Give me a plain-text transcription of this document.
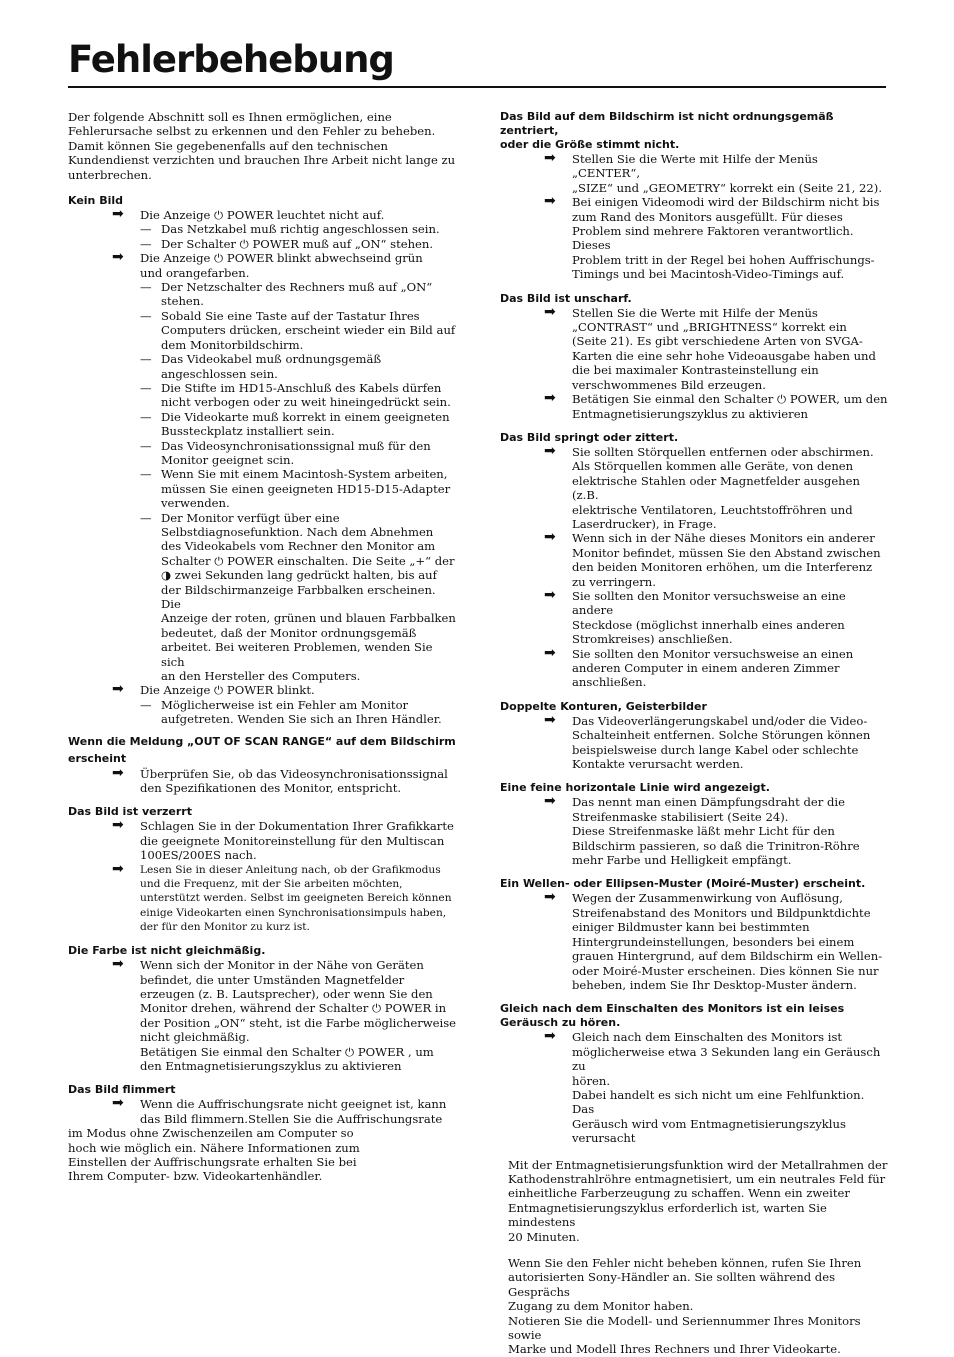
Fehlerbehebung

Der folgende Abschnitt soll es Ihnen ermöglichen, eine
Fehlerursache selbst zu erkennen und den Fehler zu beheben.
Damit können Sie gegebenenfalls auf den technischen
Kundendienst verzichten und brauchen Ihre Arbeit nicht lange zu
unterbrechen.

Kein Bild

➡ Die Anzeige ⏻ POWER leuchtet nicht auf.
— Das Netzkabel muß richtig angeschlossen sein.
— Der Schalter ⏻ POWER muß auf „ON“ stehen.
➡ Die Anzeige ⏻ POWER blinkt abwechseind grün
und orangefarben.
— Der Netzschalter des Rechners muß auf „ON“
stehen.
— Sobald Sie eine Taste auf der Tastatur Ihres
Computers drücken, erscheint wieder ein Bild auf
dem Monitorbildschirm.
— Das Videokabel muß ordnungsgemäß
angeschlossen sein.
— Die Stifte im HD15-Anschluß des Kabels dürfen
nicht verbogen oder zu weit hineingedrückt sein.
— Die Videokarte muß korrekt in einem geeigneten
Bussteckplatz installiert sein.
— Das Videosynchronisationssignal muß für den
Monitor geeignet scin.
— Wenn Sie mit einem Macintosh-System arbeiten,
müssen Sie einen geeigneten HD15-D15-Adapter
verwenden.
— Der Monitor verfügt über eine
Selbstdiagnosefunktion. Nach dem Abnehmen
des Videokabels vom Rechner den Monitor am
Schalter ⏻ POWER einschalten. Die Seite „+“ der
◑ zwei Sekunden lang gedrückt halten, bis auf
der Bildschirmanzeige Farbbalken erscheinen. Die
Anzeige der roten, grünen und blauen Farbbalken
bedeutet, daß der Monitor ordnungsgemäß
arbeitet. Bei weiteren Problemen, wenden Sie sich
an den Hersteller des Computers.
➡ Die Anzeige ⏻ POWER blinkt.
— Möglicherweise ist ein Fehler am Monitor
aufgetreten. Wenden Sie sich an Ihren Händler.

Wenn die Meldung „OUT OF SCAN RANGE“ auf dem Bildschirm
erscheint

➡ Überprüfen Sie, ob das Videosynchronisationssignal
den Spezifikationen des Monitor, entspricht.

Das Bild ist verzerrt

➡ Schlagen Sie in der Dokumentation Ihrer Grafikkarte
die geeignete Monitoreinstellung für den Multiscan
100ES/200ES nach.
➡ Lesen Sie in dieser Anleitung nach, ob der Grafikmodus
und die Frequenz, mit der Sie arbeiten möchten,
unterstützt werden. Selbst im geeigneten Bereich können
einige Videokarten einen Synchronisationsimpuls haben,
der für den Monitor zu kurz ist.

Die Farbe ist nicht gleichmäßig.

➡ Wenn sich der Monitor in der Nähe von Geräten
befindet, die unter Umständen Magnetfelder
erzeugen (z. B. Lautsprecher), oder wenn Sie den
Monitor drehen, während der Schalter ⏻ POWER in
der Position „ON“ steht, ist die Farbe möglicherweise
nicht gleichmäßig.
Betätigen Sie einmal den Schalter ⏻ POWER , um
den Entmagnetisierungszyklus zu aktivieren

Das Bild flimmert

➡ Wenn die Auffrischungsrate nicht geeignet ist, kann
das Bild flimmern.Stellen Sie die Auffrischungsrate

im Modus ohne Zwischenzeilen am Computer so
hoch wie möglich ein. Nähere Informationen zum
Einstellen der Auffrischungsrate erhalten Sie bei
Ihrem Computer- bzw. Videokartenhändler.

Das Bild auf dem Bildschirm ist nicht ordnungsgemäß zentriert,
oder die Größe stimmt nicht.

➡ Stellen Sie die Werte mit Hilfe der Menüs „CENTER“,
„SIZE“ und „GEOMETRY“ korrekt ein (Seite 21, 22).
➡ Bei einigen Videomodi wird der Bildschirm nicht bis
zum Rand des Monitors ausgefüllt. Für dieses
Problem sind mehrere Faktoren verantwortlich. Dieses
Problem tritt in der Regel bei hohen Auffrischungs-
Timings und bei Macintosh-Video-Timings auf.

Das Bild ist unscharf.

➡ Stellen Sie die Werte mit Hilfe der Menüs
„CONTRAST“ und „BRIGHTNESS“ korrekt ein
(Seite 21). Es gibt verschiedene Arten von SVGA-
Karten die eine sehr hohe Videoausgabe haben und
die bei maximaler Kontrasteinstellung ein
verschwommenes Bild erzeugen.
➡ Betätigen Sie einmal den Schalter ⏻ POWER, um den
Entmagnetisierungszyklus zu aktivieren

Das Bild springt oder zittert.

➡ Sie sollten Störquellen entfernen oder abschirmen.
Als Störquellen kommen alle Geräte, von denen
elektrische Stahlen oder Magnetfelder ausgehen (z.B.
elektrische Ventilatoren, Leuchtstoffröhren und
Laserdrucker), in Frage.
➡ Wenn sich in der Nähe dieses Monitors ein anderer
Monitor befindet, müssen Sie den Abstand zwischen
den beiden Monitoren erhöhen, um die Interferenz
zu verringern.
➡ Sie sollten den Monitor versuchsweise an eine andere
Steckdose (möglichst innerhalb eines anderen
Stromkreises) anschließen.
➡ Sie sollten den Monitor versuchsweise an einen
anderen Computer in einem anderen Zimmer
anschließen.

Doppelte Konturen, Geisterbilder

➡ Das Videoverlängerungskabel und/oder die Video-
Schalteinheit entfernen. Solche Störungen können
beispielsweise durch lange Kabel oder schlechte
Kontakte verursacht werden.

Eine feine horizontale Linie wird angezeigt.

➡ Das nennt man einen Dämpfungsdraht der die
Streifenmaske stabilisiert (Seite 24).
Diese Streifenmaske läßt mehr Licht für den
Bildschirm passieren, so daß die Trinitron-Röhre
mehr Farbe und Helligkeit empfängt.

Ein Wellen- oder Ellipsen-Muster (Moiré-Muster) erscheint.

➡ Wegen der Zusammenwirkung von Auflösung,
Streifenabstand des Monitors und Bildpunktdichte
einiger Bildmuster kann bei bestimmten
Hintergrundeinstellungen, besonders bei einem
grauen Hintergrund, auf dem Bildschirm ein Wellen-
oder Moiré-Muster erscheinen. Dies können Sie nur
beheben, indem Sie Ihr Desktop-Muster ändern.

Gleich nach dem Einschalten des Monitors ist ein leises
Geräusch zu hören.

➡ Gleich nach dem Einschalten des Monitors ist
möglicherweise etwa 3 Sekunden lang ein Geräusch zu
hören.
Dabei handelt es sich nicht um eine Fehlfunktion. Das
Geräusch wird vom Entmagnetisierungszyklus
verursacht

Mit der Entmagnetisierungsfunktion wird der Metallrahmen der
Kathodenstrahlröhre entmagnetisiert, um ein neutrales Feld für
einheitliche Farberzeugung zu schaffen. Wenn ein zweiter
Entmagnetisierungszyklus erforderlich ist, warten Sie mindestens
20 Minuten.

Wenn Sie den Fehler nicht beheben können, rufen Sie Ihren
autorisierten Sony-Händler an. Sie sollten während des Gesprächs
Zugang zu dem Monitor haben.
Notieren Sie die Modell- und Seriennummer Ihres Monitors sowie
Marke und Modell Ihres Rechners und Ihrer Videokarte.
